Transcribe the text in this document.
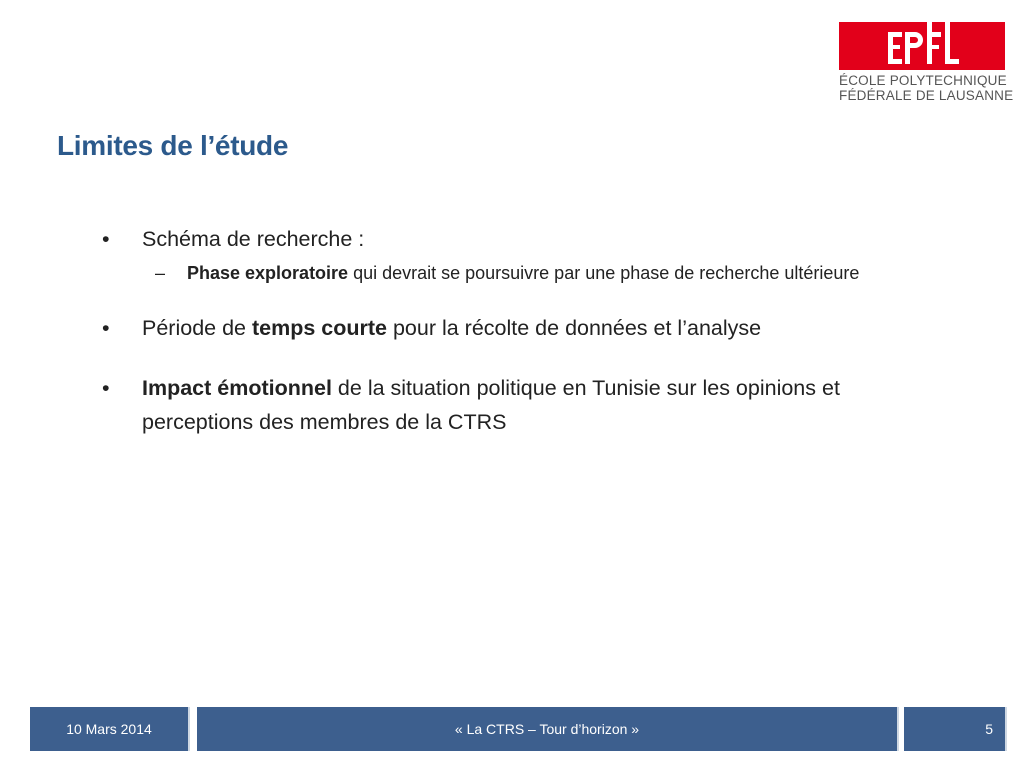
ÉCOLE POLYTECHNIQUE
FÉDÉRALE DE LAUSANNE
Limites de l’étude
• Schéma de recherche :
– Phase exploratoire qui devrait se poursuivre par une phase de recherche ultérieure
• Période de temps courte pour la récolte de données et l’analyse
• Impact émotionnel de la situation politique en Tunisie sur les opinions et perceptions des membres de la CTRS
10 Mars 2014	« La CTRS – Tour d’horizon »	5
